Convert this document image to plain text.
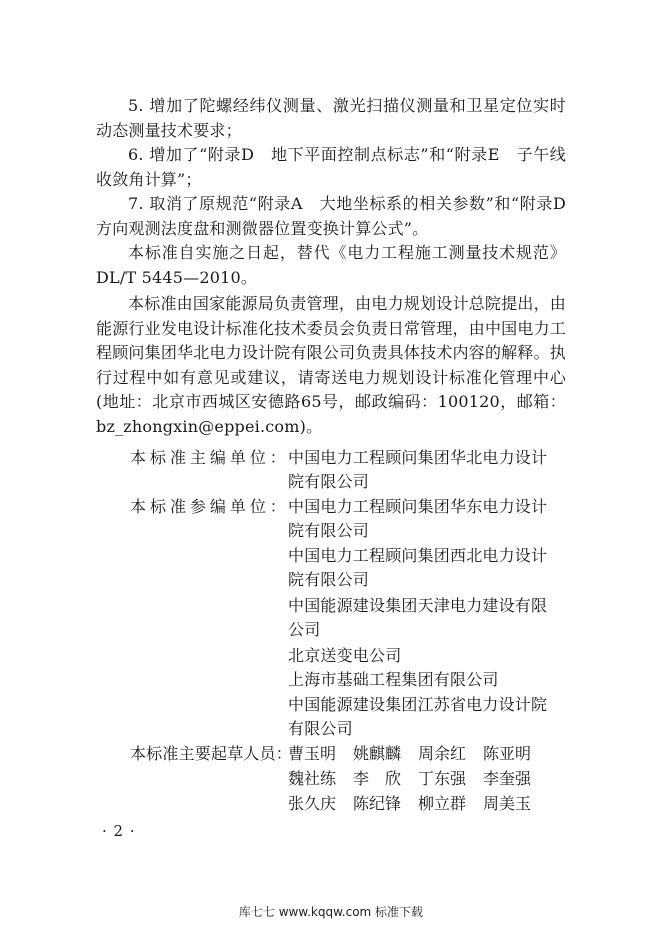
5. 增加了陀螺经纬仪测量、激光扫描仪测量和卫星定位实时动态测量技术要求；
6. 增加了“附录D　地下平面控制点标志”和“附录E　子午线收敛角计算”；
7. 取消了原规范“附录A　大地坐标系的相关参数”和“附录D　方向观测法度盘和测微器位置变换计算公式”。
本标准自实施之日起，替代《电力工程施工测量技术规范》DL/T 5445—2010。
本标准由国家能源局负责管理，由电力规划设计总院提出，由能源行业发电设计标准化技术委员会负责日常管理，由中国电力工程顾问集团华北电力设计院有限公司负责具体技术内容的解释。执行过程中如有意见或建议，请寄送电力规划设计标准化管理中心(地址：北京市西城区安德路65号，邮政编码：100120，邮箱：bz_zhongxin@eppei.com)。
本标准主编单位： 中国电力工程顾问集团华北电力设计
院有限公司
本标准参编单位： 中国电力工程顾问集团华东电力设计
院有限公司
中国电力工程顾问集团西北电力设计
院有限公司
中国能源建设集团天津电力建设有限
公司
北京送变电公司
上海市基础工程集团有限公司
中国能源建设集团江苏省电力设计院
有限公司
本标准主要起草人员：
曹玉明 姚麒麟 周余红 陈亚明
魏社练 李　欣 丁东强 李奎强
张久庆 陈纪锋 柳立群 周美玉
· 2 ·
库七七 www.kqqw.com 标准下载
